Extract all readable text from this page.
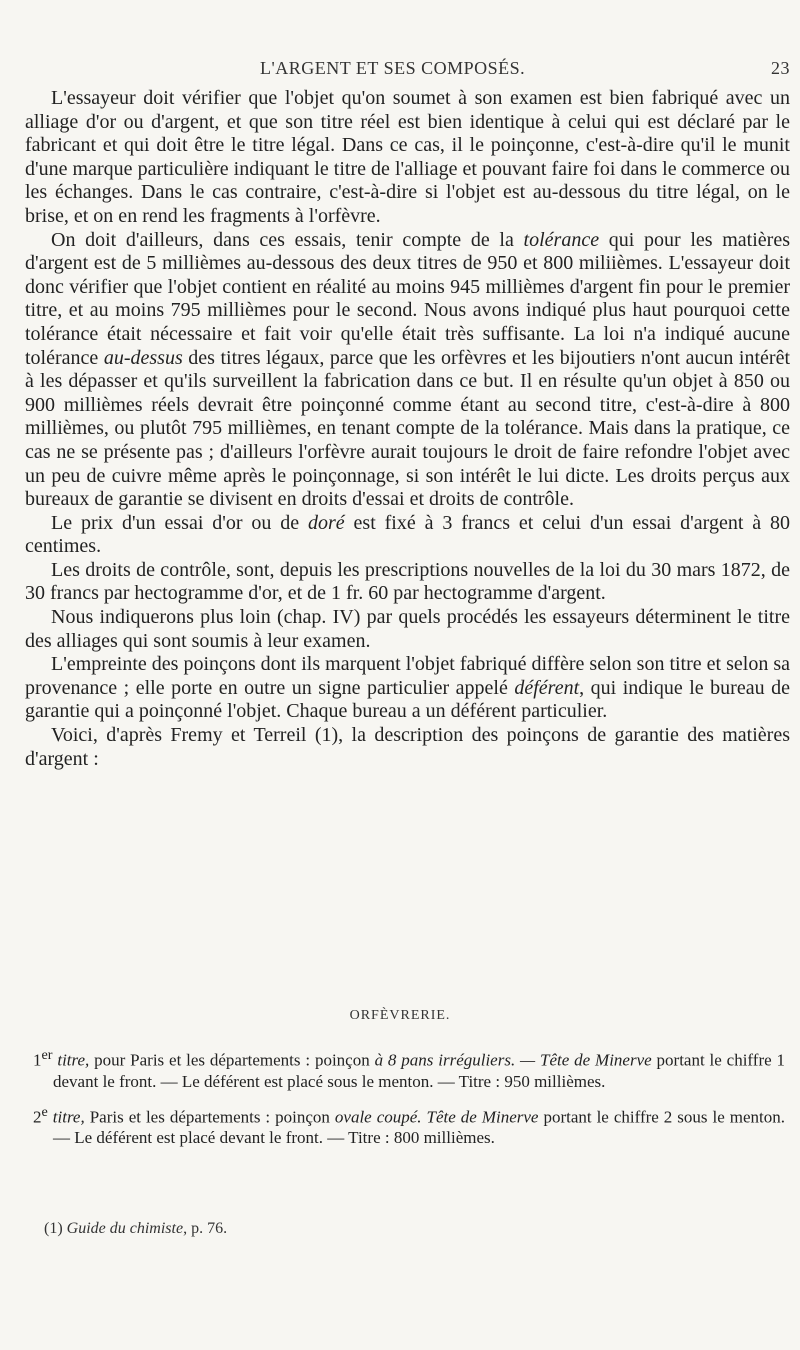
L'ARGENT ET SES COMPOSÉS.	23

L'essayeur doit vérifier que l'objet qu'on soumet à son examen est bien fabriqué avec un alliage d'or ou d'argent, et que son titre réel est bien identique à celui qui est déclaré par le fabricant et qui doit être le titre légal. Dans ce cas, il le poinçonne, c'est-à-dire qu'il le munit d'une marque particulière indiquant le titre de l'alliage et pouvant faire foi dans le commerce ou les échanges. Dans le cas contraire, c'est-à-dire si l'objet est au-dessous du titre légal, on le brise, et on en rend les fragments à l'orfèvre.

On doit d'ailleurs, dans ces essais, tenir compte de la tolérance qui pour les matières d'argent est de 5 millièmes au-dessous des deux titres de 950 et 800 miliièmes. L'essayeur doit donc vérifier que l'objet contient en réalité au moins 945 millièmes d'argent fin pour le premier titre, et au moins 795 millièmes pour le second. Nous avons indiqué plus haut pourquoi cette tolérance était nécessaire et fait voir qu'elle était très suffisante. La loi n'a indiqué aucune tolérance au-dessus des titres légaux, parce que les orfèvres et les bijoutiers n'ont aucun intérêt à les dépasser et qu'ils surveillent la fabrication dans ce but. Il en résulte qu'un objet à 850 ou 900 millièmes réels devrait être poinçonné comme étant au second titre, c'est-à-dire à 800 millièmes, ou plutôt 795 millièmes, en tenant compte de la tolérance. Mais dans la pratique, ce cas ne se présente pas ; d'ailleurs l'orfèvre aurait toujours le droit de faire refondre l'objet avec un peu de cuivre même après le poinçonnage, si son intérêt le lui dicte. Les droits perçus aux bureaux de garantie se divisent en droits d'essai et droits de contrôle.

Le prix d'un essai d'or ou de doré est fixé à 3 francs et celui d'un essai d'argent à 80 centimes.

Les droits de contrôle, sont, depuis les prescriptions nouvelles de la loi du 30 mars 1872, de 30 francs par hectogramme d'or, et de 1 fr. 60 par hectogramme d'argent.

Nous indiquerons plus loin (chap. IV) par quels procédés les essayeurs déterminent le titre des alliages qui sont soumis à leur examen.

L'empreinte des poinçons dont ils marquent l'objet fabriqué diffère selon son titre et selon sa provenance ; elle porte en outre un signe particulier appelé déférent, qui indique le bureau de garantie qui a poinçonné l'objet. Chaque bureau a un déférent particulier.

Voici, d'après Fremy et Terreil (1), la description des poinçons de garantie des matières d'argent :

ORFÈVRERIE.

1er titre, pour Paris et les départements : poinçon à 8 pans irréguliers. — Tête de Minerve portant le chiffre 1 devant le front. — Le déférent est placé sous le menton. — Titre : 950 millièmes.

2e titre, Paris et les départements : poinçon ovale coupé. Tête de Minerve portant le chiffre 2 sous le menton. — Le déférent est placé devant le front. — Titre : 800 millièmes.

(1) Guide du chimiste, p. 76.
